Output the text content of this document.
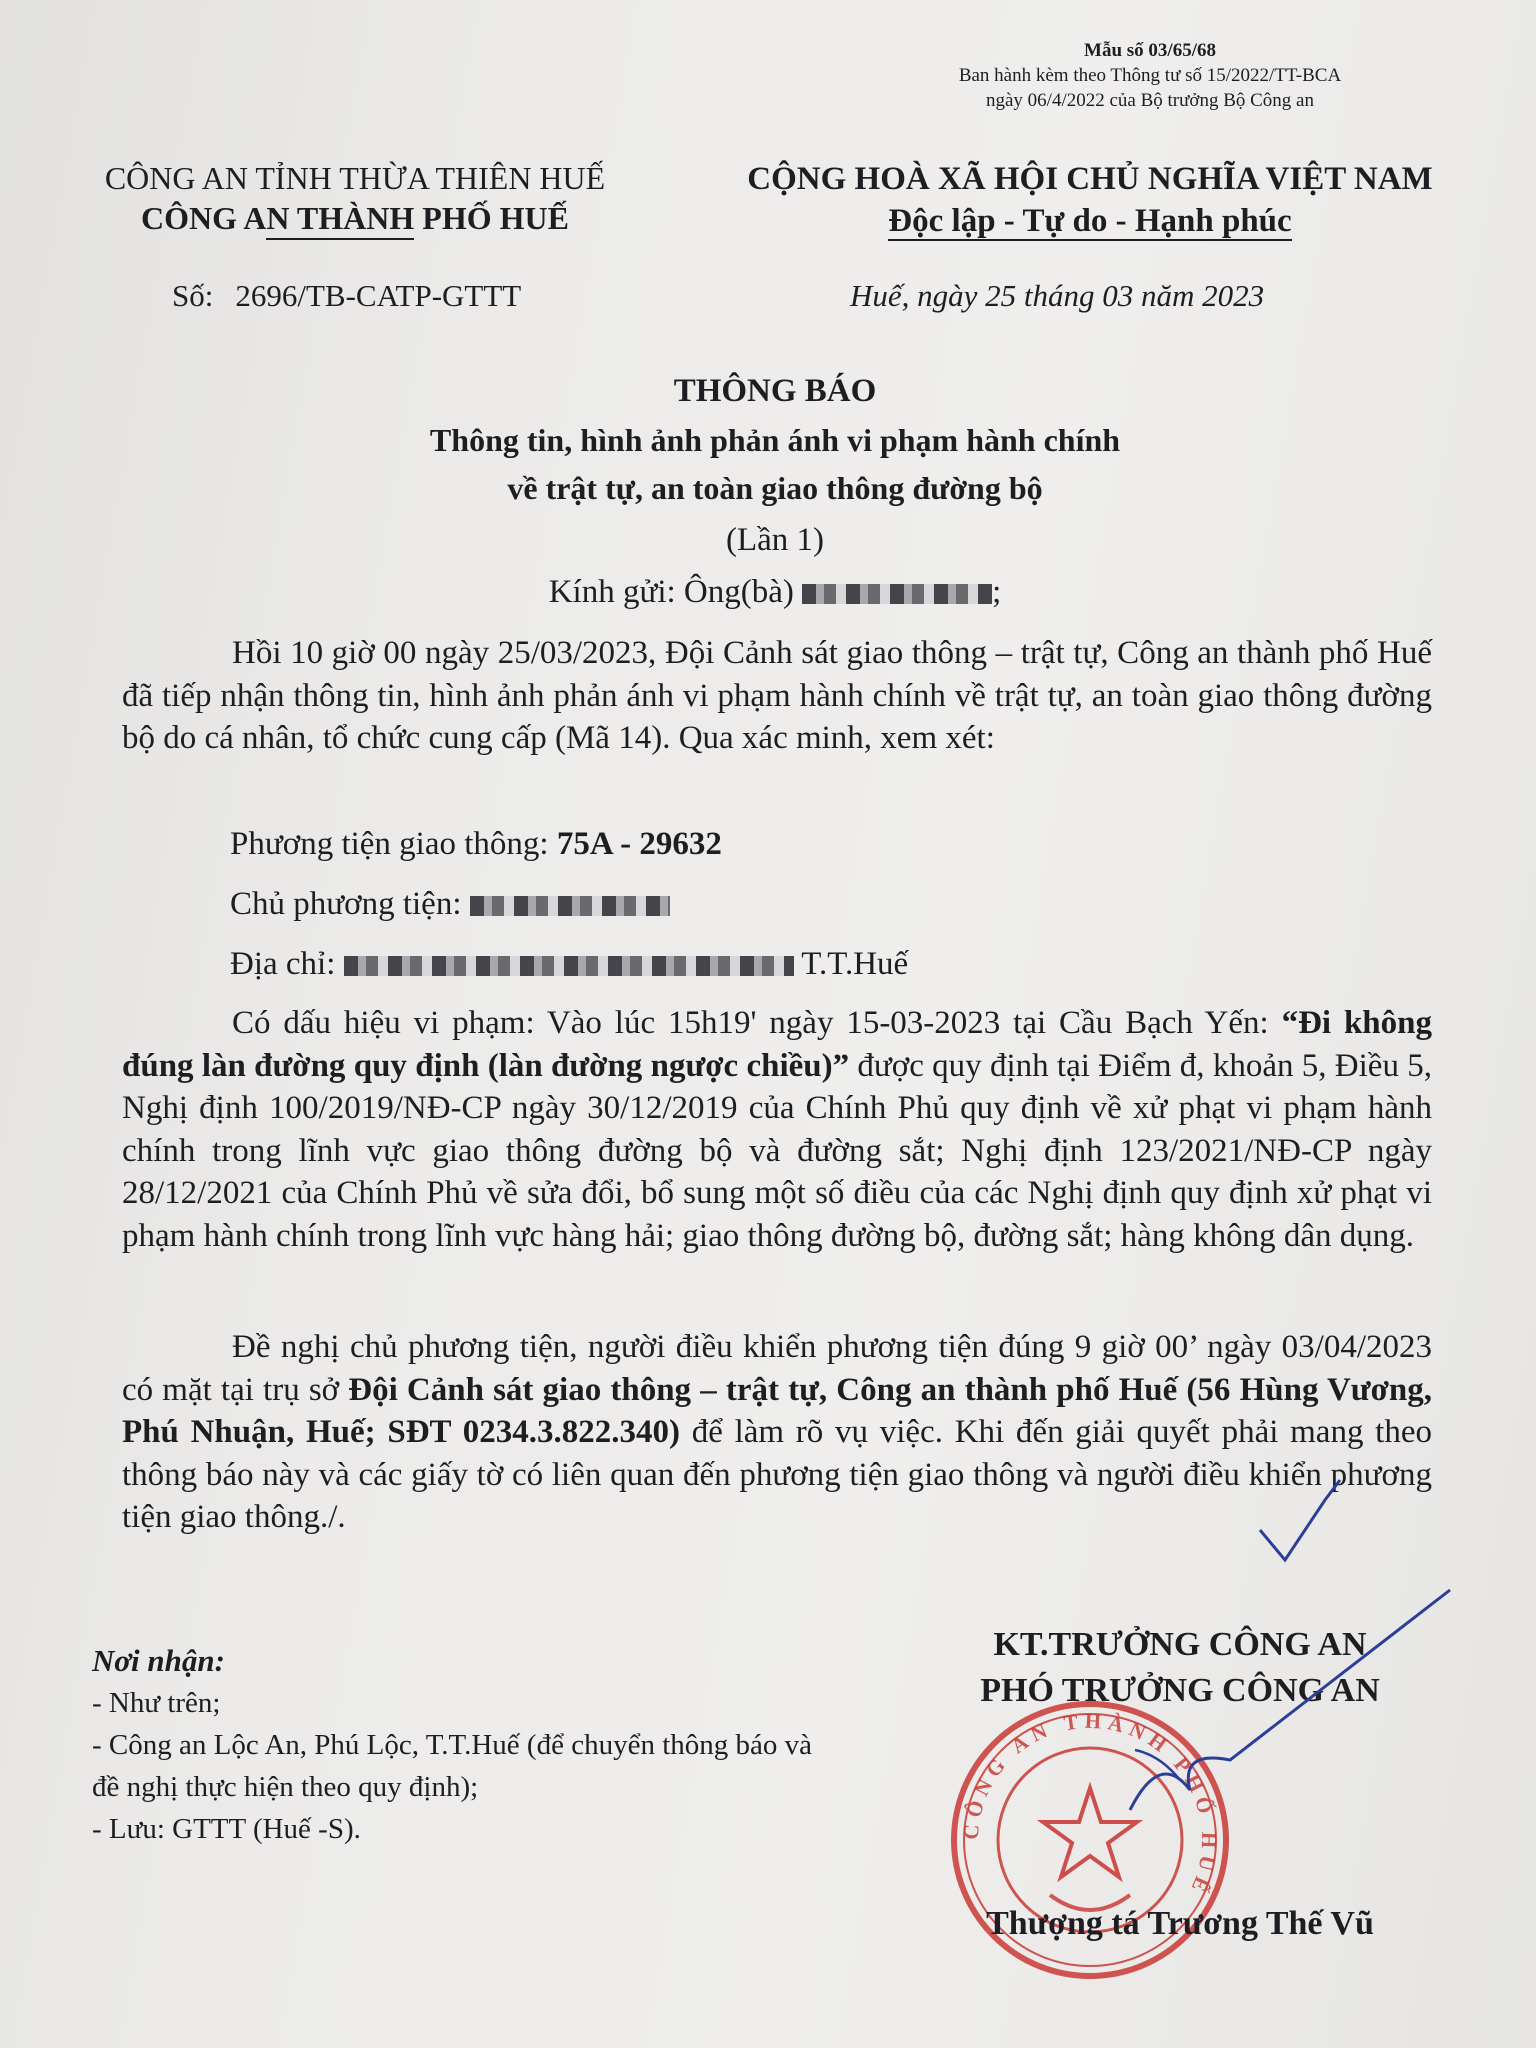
Mẫu số 03/65/68
Ban hành kèm theo Thông tư số 15/2022/TT-BCA
ngày 06/4/2022 của Bộ trưởng Bộ Công an
CÔNG AN TỈNH THỪA THIÊN HUẾ
CÔNG AN THÀNH PHỐ HUẾ
CỘNG HOÀ XÃ HỘI CHỦ NGHĨA VIỆT NAM
Độc lập - Tự do - Hạnh phúc
Số: 2696/TB-CATP-GTTT	Huế, ngày 25 tháng 03 năm 2023
THÔNG BÁO
Thông tin, hình ảnh phản ánh vi phạm hành chính
về trật tự, an toàn giao thông đường bộ
(Lần 1)
Kính gửi: Ông(bà)	;

Hồi 10 giờ 00 ngày 25/03/2023, Đội Cảnh sát giao thông – trật tự, Công an thành phố Huế đã tiếp nhận thông tin, hình ảnh phản ánh vi phạm hành chính về trật tự, an toàn giao thông đường bộ do cá nhân, tổ chức cung cấp (Mã 14). Qua xác minh, xem xét:

Phương tiện giao thông: 75A - 29632
Chủ phương tiện:
Địa chỉ:	T.T.Huế

Có dấu hiệu vi phạm: Vào lúc 15h19' ngày 15-03-2023 tại Cầu Bạch Yến: “Đi không đúng làn đường quy định (làn đường ngược chiều)” được quy định tại Điểm đ, khoản 5, Điều 5, Nghị định 100/2019/NĐ-CP ngày 30/12/2019 của Chính Phủ quy định về xử phạt vi phạm hành chính trong lĩnh vực giao thông đường bộ và đường sắt; Nghị định 123/2021/NĐ-CP ngày 28/12/2021 của Chính Phủ về sửa đổi, bổ sung một số điều của các Nghị định quy định xử phạt vi phạm hành chính trong lĩnh vực hàng hải; giao thông đường bộ, đường sắt; hàng không dân dụng.

Đề nghị chủ phương tiện, người điều khiển phương tiện đúng 9 giờ 00’ ngày 03/04/2023 có mặt tại trụ sở Đội Cảnh sát giao thông – trật tự, Công an thành phố Huế (56 Hùng Vương, Phú Nhuận, Huế; SĐT 0234.3.822.340) để làm rõ vụ việc. Khi đến giải quyết phải mang theo thông báo này và các giấy tờ có liên quan đến phương tiện giao thông và người điều khiển phương tiện giao thông./.

Nơi nhận:
- Như trên;
- Công an Lộc An, Phú Lộc, T.T.Huế (để chuyển thông báo và đề nghị thực hiện theo quy định);
- Lưu: GTTT (Huế -S).	CÔNG AN THÀNH PHỐ HUẾ
KT.TRƯỞNG CÔNG AN
PHÓ TRƯỞNG CÔNG AN
Thượng tá Trương Thế Vũ
